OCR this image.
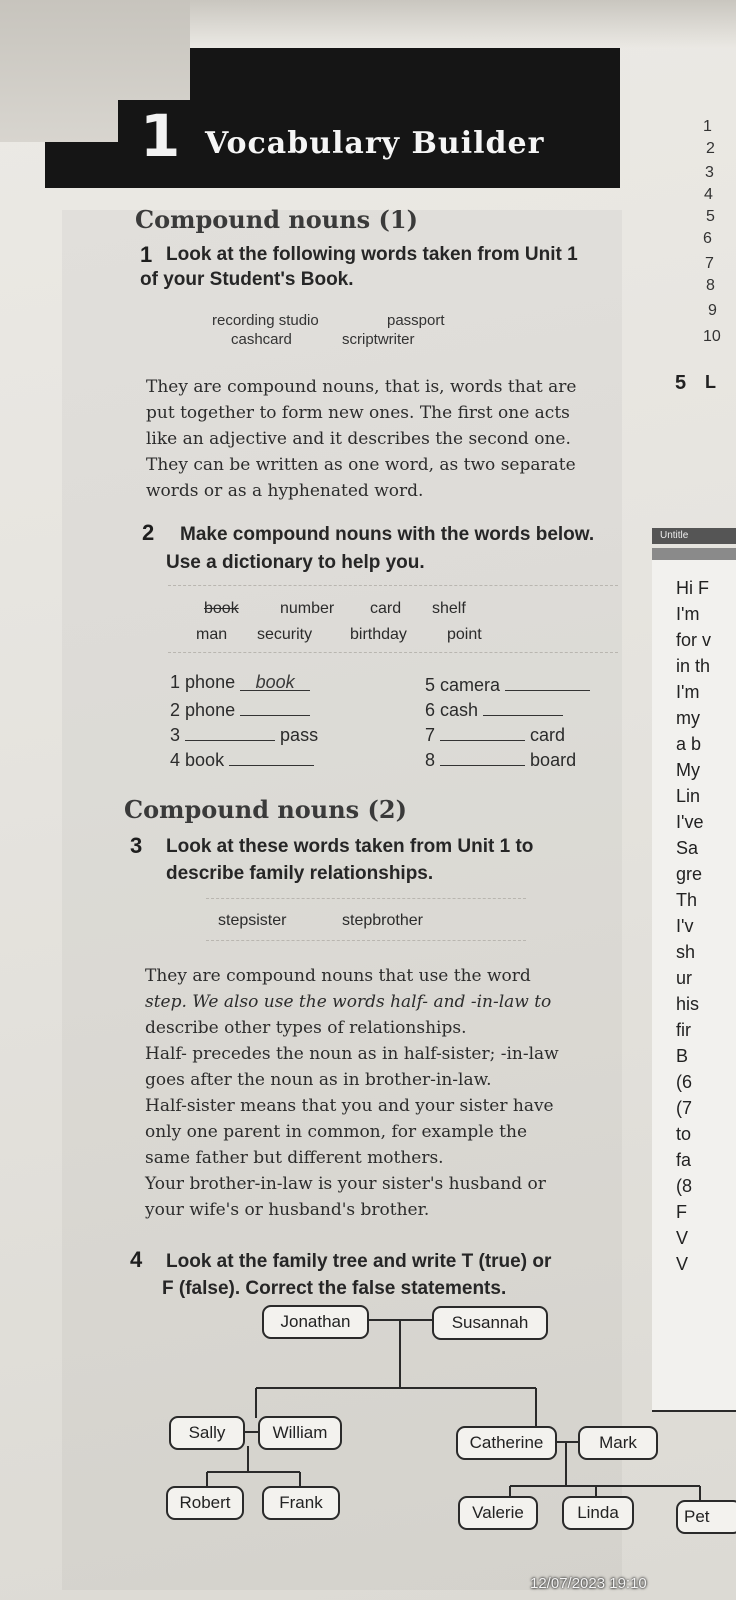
1 Vocabulary Builder
Compound nouns (1)
1 Look at the following words taken from Unit 1
of your Student's Book.
recording studio	passport
cashcard	scriptwriter
They are compound nouns, that is, words that are
put together to form new ones. The first one acts
like an adjective and it describes the second one.
They can be written as one word, as two separate
words or as a hyphenated word.
2 Make compound nouns with the words below.
Use a dictionary to help you.
book	number card shelf
man security birthday	point
1 phone book
2 phone
3	pass
4 book
5 camera
6 cash
7	card
8	board
Compound nouns (2)
3 Look at these words taken from Unit 1 to
describe family relationships.
stepsister	stepbrother
They are compound nouns that use the word
step. We also use the words half- and -in-law to
describe other types of relationships.
Half- precedes the noun as in half-sister; -in-law
goes after the noun as in brother-in-law.
Half-sister means that you and your sister have
only one parent in common, for example the
same father but different mothers.
Your brother-in-law is your sister's husband or
your wife's or husband's brother.
4 Look at the family tree and write T (true) or
F (false). Correct the false statements.
Jonathan	Susannah
Sally	William
Catherine	Mark
Robert	Frank
Valerie	Linda	Pet
1
2
3
4
5
6
7
8
9
10
5 L
Untitle
Hi F
I'm
for v
in th
I'm
my
a b
My
Lin
I've
Sa
gre
Th
I'v
sh
ur
his
fir
B
(6
(7
to
fa
(8
F
V
V
12/07/2023 19:10
